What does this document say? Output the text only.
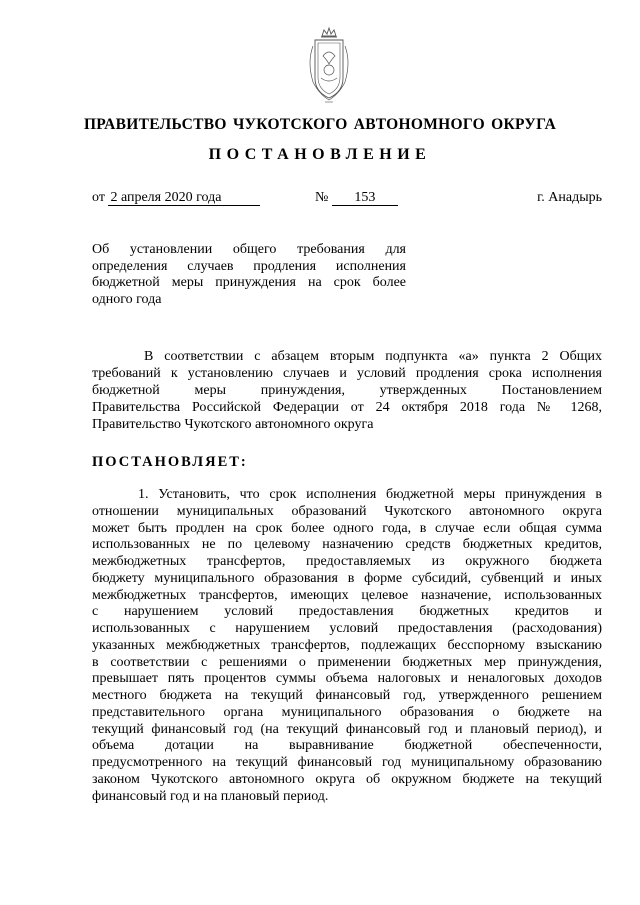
ПРАВИТЕЛЬСТВО ЧУКОТСКОГО АВТОНОМНОГО ОКРУГА
ПОСТАНОВЛЕНИЕ
от 2 апреля 2020 года	№ 153	г. Анадырь
Об установлении общего требования для
определения случаев продления исполнения
бюджетной меры принуждения на срок более
одного года
В соответствии с абзацем вторым подпункта «а» пункта 2 Общих
требований к установлению случаев и условий продления срока исполнения
бюджетной меры принуждения, утвержденных Постановлением
Правительства Российской Федерации от 24 октября 2018 года № 1268,
Правительство Чукотского автономного округа
ПОСТАНОВЛЯЕТ:
1. Установить, что срок исполнения бюджетной меры принуждения в
отношении муниципальных образований Чукотского автономного округа
может быть продлен на срок более одного года, в случае если общая сумма
использованных не по целевому назначению средств бюджетных кредитов,
межбюджетных трансфертов, предоставляемых из окружного бюджета
бюджету муниципального образования в форме субсидий, субвенций и иных
межбюджетных трансфертов, имеющих целевое назначение, использованных
с нарушением условий предоставления бюджетных кредитов и
использованных с нарушением условий предоставления (расходования)
указанных межбюджетных трансфертов, подлежащих бесспорному взысканию
в соответствии с решениями о применении бюджетных мер принуждения,
превышает пять процентов суммы объема налоговых и неналоговых доходов
местного бюджета на текущий финансовый год, утвержденного решением
представительного органа муниципального образования о бюджете на
текущий финансовый год (на текущий финансовый год и плановый период), и
объема дотации на выравнивание бюджетной обеспеченности,
предусмотренного на текущий финансовый год муниципальному образованию
законом Чукотского автономного округа об окружном бюджете на текущий
финансовый год и на плановый период.
